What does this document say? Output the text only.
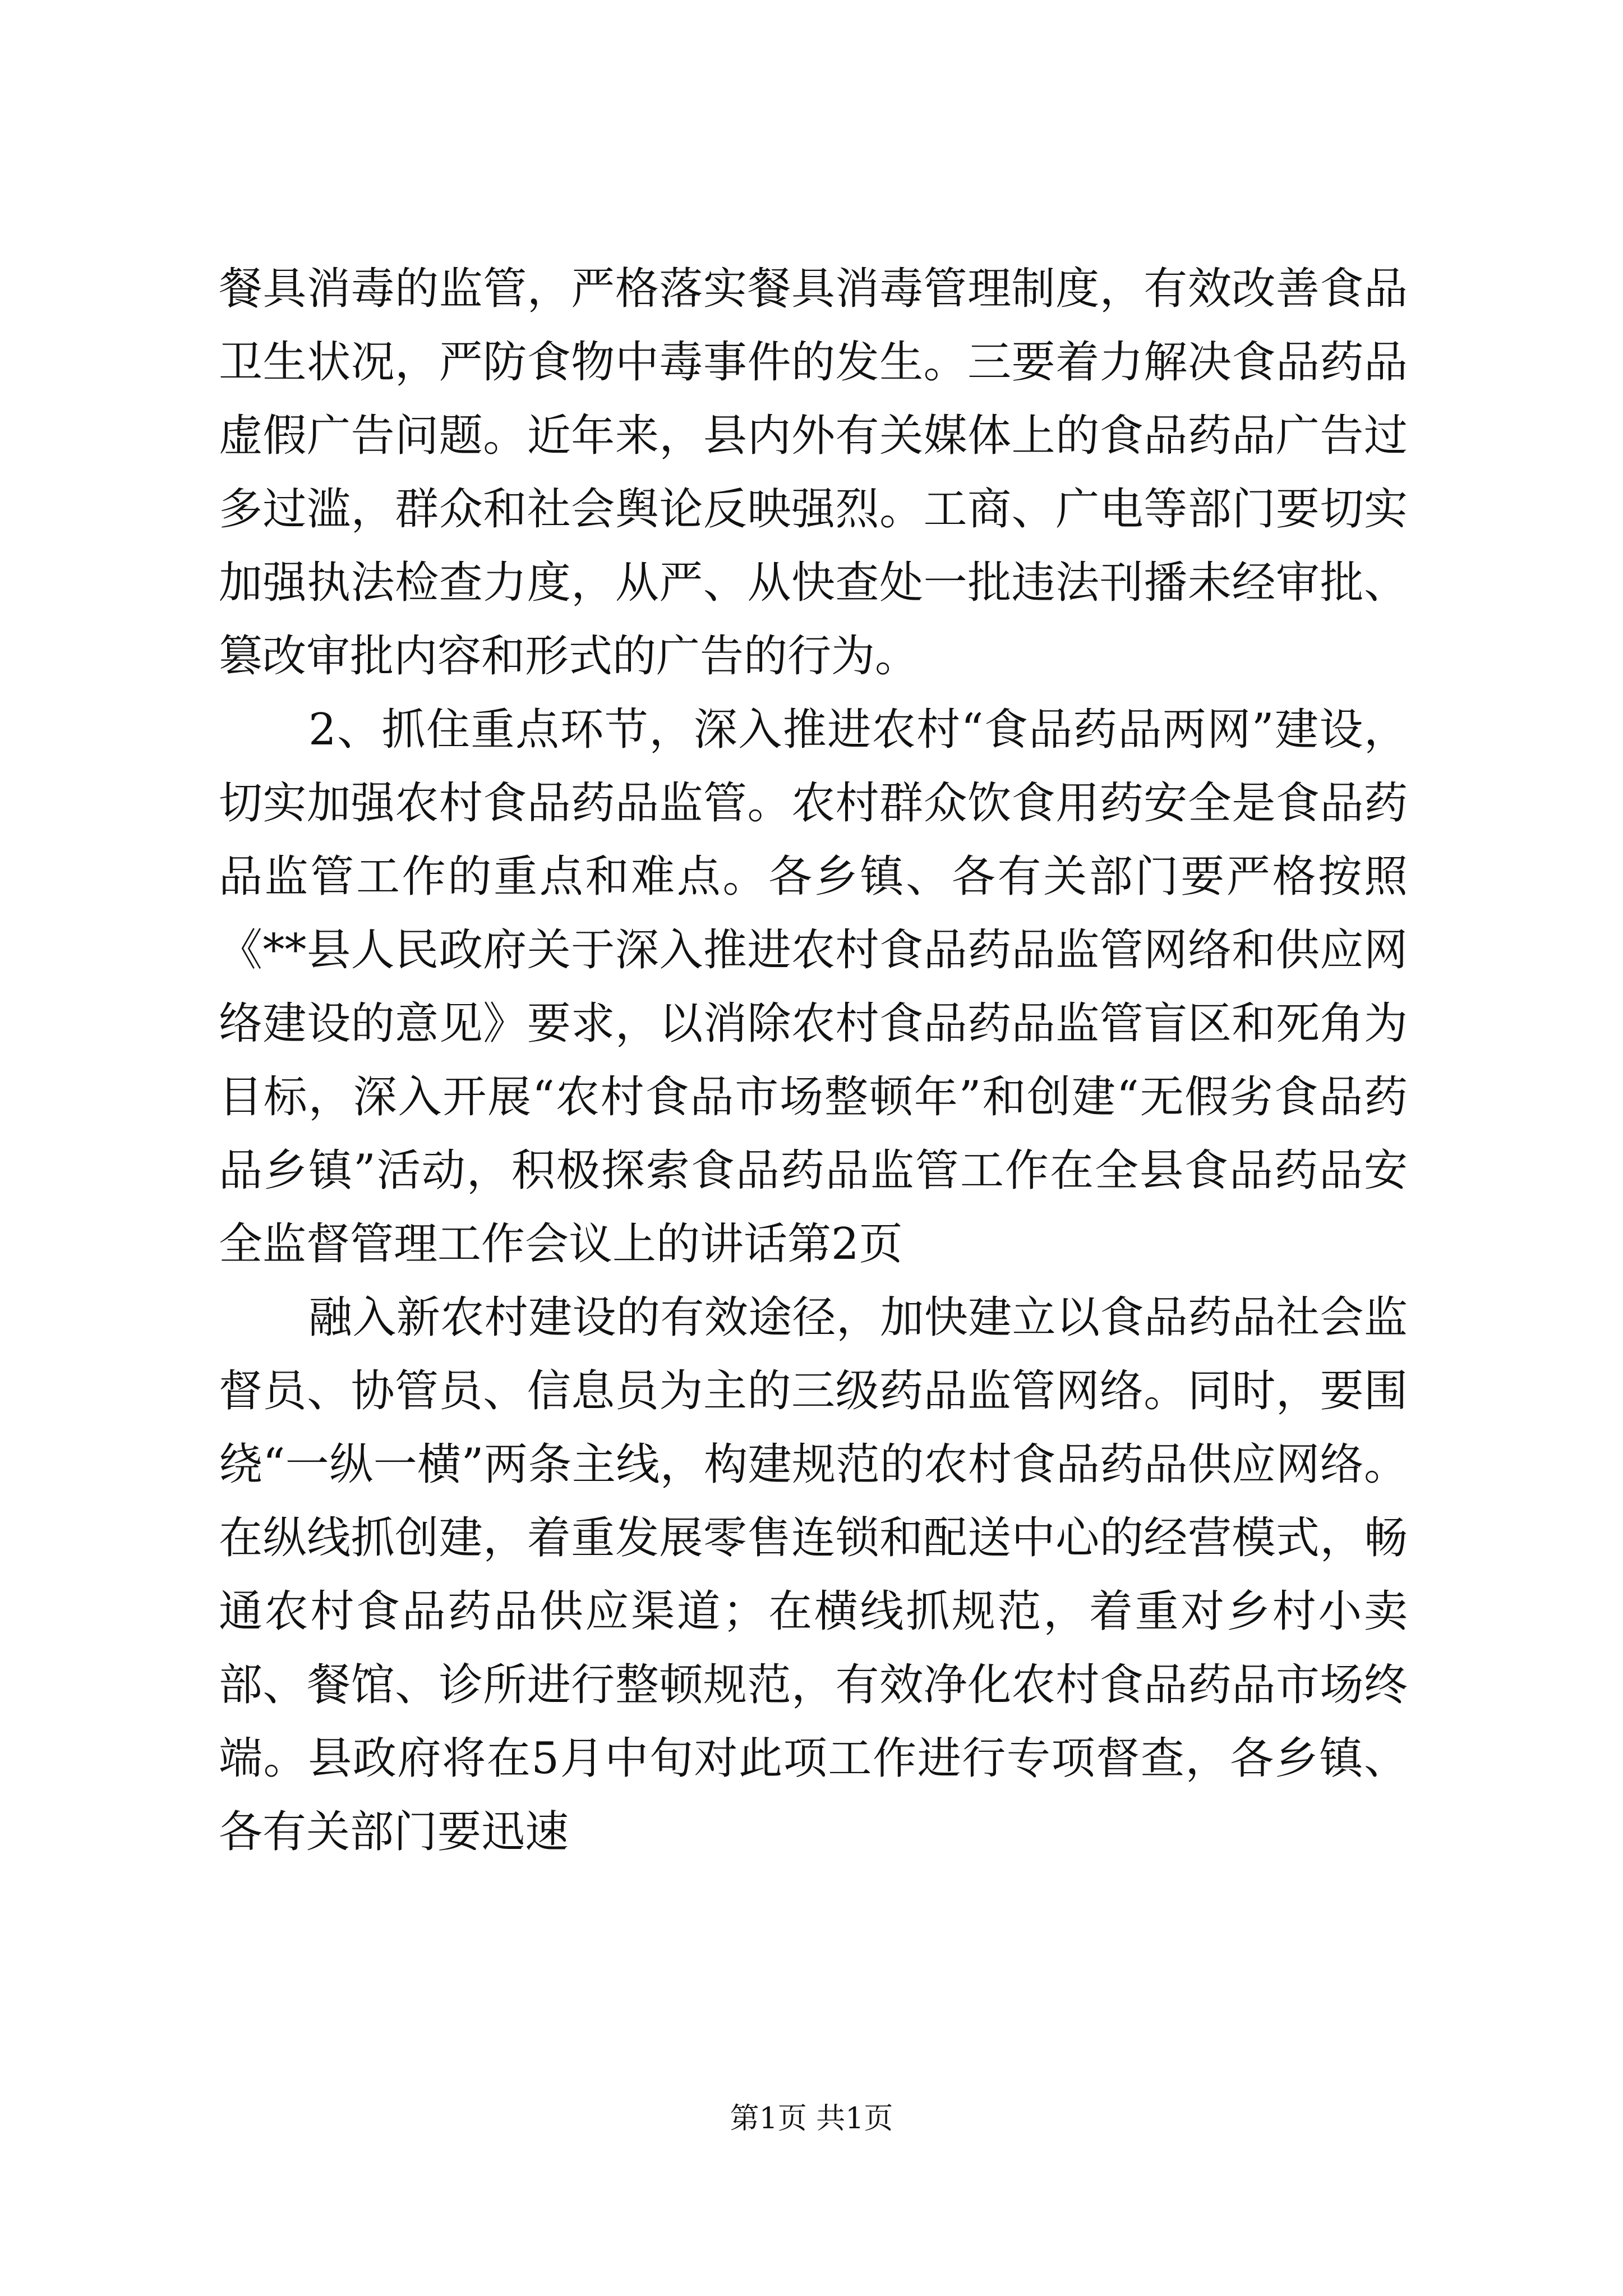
餐具消毒的监管，严格落实餐具消毒管理制度，有效改善食品卫生状况，严防食物中毒事件的发生。三要着力解决食品药品虚假广告问题。近年来，县内外有关媒体上的食品药品广告过多过滥，群众和社会舆论反映强烈。工商、广电等部门要切实加强执法检查力度，从严、从快查处一批违法刊播未经审批、篡改审批内容和形式的广告的行为。

2、抓住重点环节，深入推进农村“食品药品两网”建设，切实加强农村食品药品监管。农村群众饮食用药安全是食品药品监管工作的重点和难点。各乡镇、各有关部门要严格按照《**县人民政府关于深入推进农村食品药品监管网络和供应网络建设的意见》要求，以消除农村食品药品监管盲区和死角为目标，深入开展“农村食品市场整顿年”和创建“无假劣食品药品乡镇”活动，积极探索食品药品监管工作在全县食品药品安全监督管理工作会议上的讲话第2页

融入新农村建设的有效途径，加快建立以食品药品社会监督员、协管员、信息员为主的三级药品监管网络。同时，要围绕“一纵一横”两条主线，构建规范的农村食品药品供应网络。在纵线抓创建，着重发展零售连锁和配送中心的经营模式，畅通农村食品药品供应渠道；在横线抓规范，着重对乡村小卖部、餐馆、诊所进行整顿规范，有效净化农村食品药品市场终端。县政府将在5月中旬对此项工作进行专项督查，各乡镇、各有关部门要迅速

第1页 共1页
